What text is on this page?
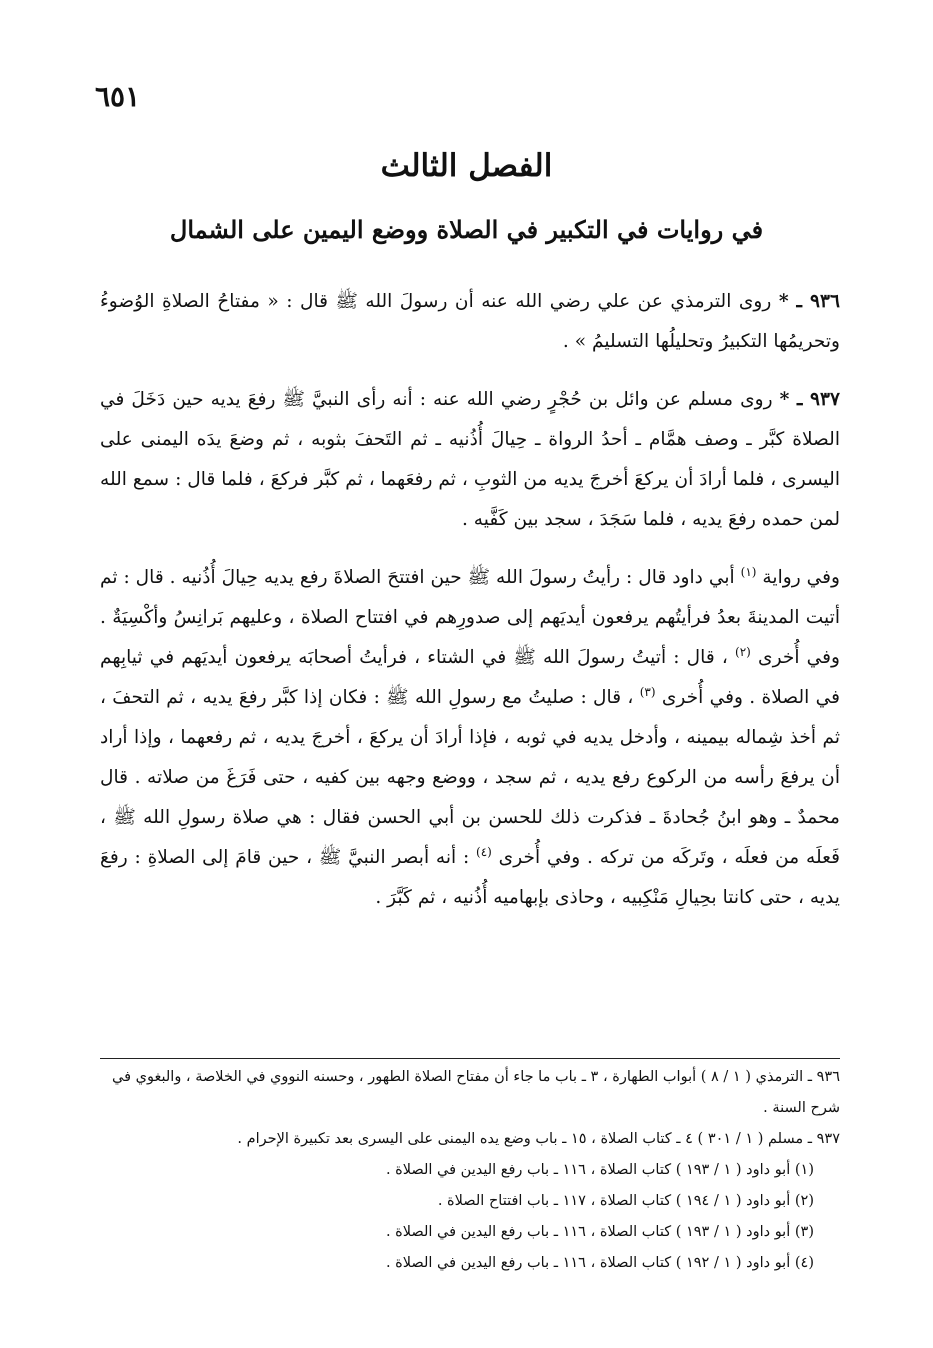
٦٥١
الفصل الثالث
في روايات في التكبير في الصلاة ووضع اليمين على الشمال

٩٣٦ ـ * روى الترمذي عن علي رضي الله عنه أن رسولَ الله ﷺ قال : « مفتاحُ الصلاةِ الوُضوءُ وتحريمُها التكبيرُ وتحليلُها التسليمُ » .

٩٣٧ ـ * روى مسلم عن وائل بن حُجْرٍ رضي الله عنه : أنه رأى النبيَّ ﷺ رفعَ يديه حين دَخَلَ في الصلاة كبَّر ـ وصف همَّام ـ أحدُ الرواة ـ حِيالَ أُذُنيه ـ ثم التَحفَ بثوبه ، ثم وضعَ يدَه اليمنى على اليسرى ، فلما أرادَ أن يركعَ أخرجَ يديه من الثوبِ ، ثم رفعَهما ، ثم كبَّر فركعَ ، فلما قال : سمع الله لمن حمده رفعَ يديه ، فلما سَجَدَ ، سجد بين كَفَّيه .

وفي رواية $^{(١)}$ أبي داود قال : رأيتُ رسولَ الله ﷺ حين افتتحَ الصلاةَ رفع يديه حِيالَ أُذُنيه . قال : ثم أتيت المدينةَ بعدُ فرأيتُهم يرفعون أيديَهم إلى صدورِهم في افتتاح الصلاة ، وعليهم بَرانِسُ وأكْسِيَةٌ . وفي أُخرى $^{(٢)}$ ، قال : أتيتُ رسولَ الله ﷺ في الشتاء ، فرأيتُ أصحابَه يرفعون أيديَهم في ثيابِهم في الصلاة . وفي أُخرى $^{(٣)}$ ، قال : صليتُ مع رسولِ الله ﷺ : فكان إذا كبَّر رفعَ يديه ، ثم التحفَ ، ثم أخذ شِماله بيمينه ، وأدخل يديه في ثوبه ، فإذا أرادَ أن يركعَ ، أخرجَ يديه ، ثم رفعهما ، وإذا أراد أن يرفعَ رأسه من الركوع رفع يديه ، ثم سجد ، ووضع وجهه بين كفيه ، حتى فَرَغَ من صلاته . قال محمدٌ ـ وهو ابنُ جُحادةَ ـ فذكرت ذلك للحسن بن أبي الحسن فقال : هي صلاة رسولِ الله ﷺ ، فَعلَه من فعلَه ، وتَركَه من تركه . وفي أُخرى $^{(٤)}$ : أنه أبصر النبيَّ ﷺ ، حين قامَ إلى الصلاةِ : رفعَ يديه ، حتى كانتا بحِيالِ مَنْكِبيه ، وحاذى بإبهاميه أُذُنيه ، ثم كَبَّرَ .

٩٣٦ ـ الترمذي ( ١ / ٨ ) أبواب الطهارة ، ٣ ـ باب ما جاء أن مفتاح الصلاة الطهور ، وحسنه النووي في الخلاصة ، والبغوي في شرح السنة .

٩٣٧ ـ مسلم ( ١ / ٣٠١ ) ٤ ـ كتاب الصلاة ، ١٥ ـ باب وضع يده اليمنى على اليسرى بعد تكبيرة الإحرام .

(١) أبو داود ( ١ / ١٩٣ ) كتاب الصلاة ، ١١٦ ـ باب رفع اليدين في الصلاة .

(٢) أبو داود ( ١ / ١٩٤ ) كتاب الصلاة ، ١١٧ ـ باب افتتاح الصلاة .

(٣) أبو داود ( ١ / ١٩٣ ) كتاب الصلاة ، ١١٦ ـ باب رفع اليدين في الصلاة .

(٤) أبو داود ( ١ / ١٩٢ ) كتاب الصلاة ، ١١٦ ـ باب رفع اليدين في الصلاة .
